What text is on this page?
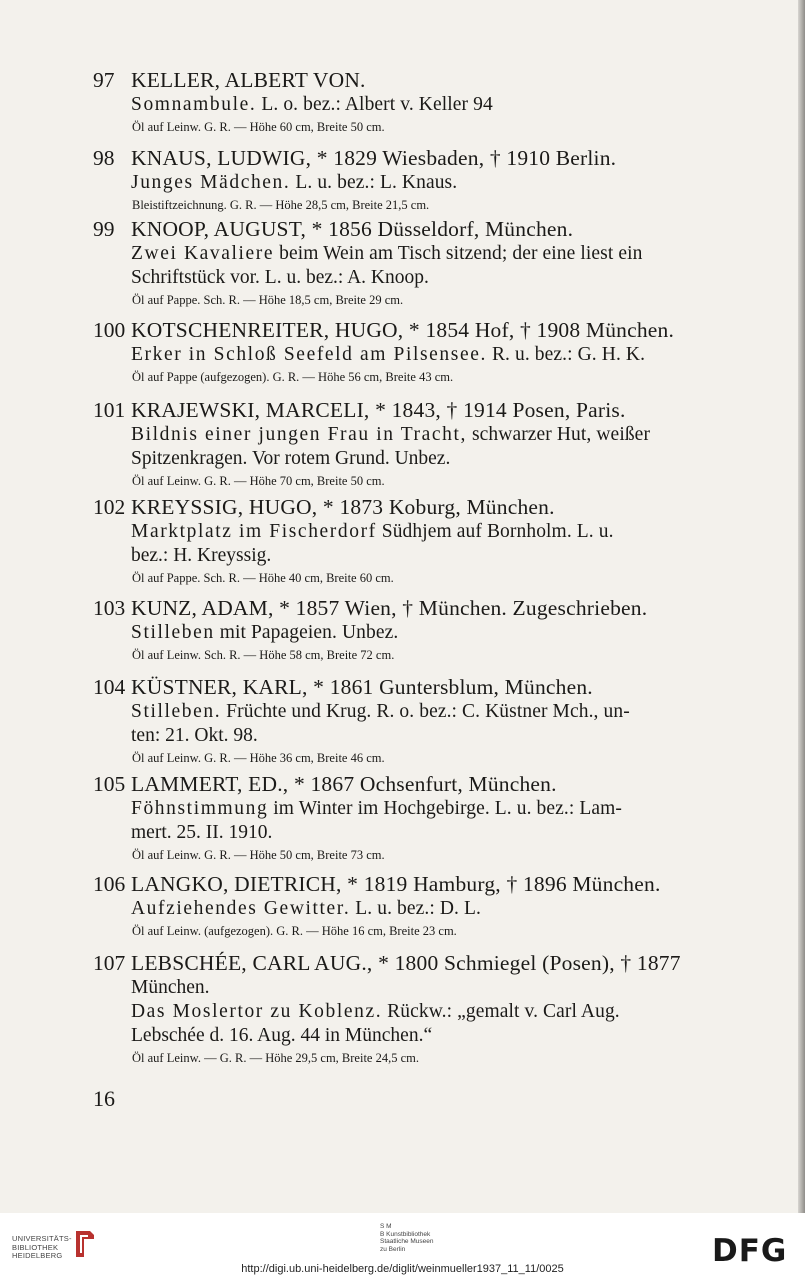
97 KELLER, ALBERT VON.
Somnambule. L. o. bez.: Albert v. Keller 94
Öl auf Leinw. G. R. — Höhe 60 cm, Breite 50 cm.
98 KNAUS, LUDWIG, * 1829 Wiesbaden, † 1910 Berlin.
Junges Mädchen. L. u. bez.: L. Knaus.
Bleistiftzeichnung. G. R. — Höhe 28,5 cm, Breite 21,5 cm.
99 KNOOP, AUGUST, * 1856 Düsseldorf, München.
Zwei Kavaliere beim Wein am Tisch sitzend; der eine liest ein
Schriftstück vor. L. u. bez.: A. Knoop.
Öl auf Pappe. Sch. R. — Höhe 18,5 cm, Breite 29 cm.
100 KOTSCHENREITER, HUGO, * 1854 Hof, † 1908 München.
Erker in Schloß Seefeld am Pilsensee. R. u. bez.: G. H. K.
Öl auf Pappe (aufgezogen). G. R. — Höhe 56 cm, Breite 43 cm.
101 KRAJEWSKI, MARCELI, * 1843, † 1914 Posen, Paris.
Bildnis einer jungen Frau in Tracht, schwarzer Hut, weißer
Spitzenkragen. Vor rotem Grund. Unbez.
Öl auf Leinw. G. R. — Höhe 70 cm, Breite 50 cm.
102 KREYSSIG, HUGO, * 1873 Koburg, München.
Marktplatz im Fischerdorf Südhjem auf Bornholm. L. u.
bez.: H. Kreyssig.
Öl auf Pappe. Sch. R. — Höhe 40 cm, Breite 60 cm.
103 KUNZ, ADAM, * 1857 Wien, † München. Zugeschrieben.
Stilleben mit Papageien. Unbez.
Öl auf Leinw. Sch. R. — Höhe 58 cm, Breite 72 cm.
104 KÜSTNER, KARL, * 1861 Guntersblum, München.
Stilleben. Früchte und Krug. R. o. bez.: C. Küstner Mch., un-
ten: 21. Okt. 98.
Öl auf Leinw. G. R. — Höhe 36 cm, Breite 46 cm.
105 LAMMERT, ED., * 1867 Ochsenfurt, München.
Föhnstimmung im Winter im Hochgebirge. L. u. bez.: Lam-
mert. 25. II. 1910.
Öl auf Leinw. G. R. — Höhe 50 cm, Breite 73 cm.
106 LANGKO, DIETRICH, * 1819 Hamburg, † 1896 München.
Aufziehendes Gewitter. L. u. bez.: D. L.
Öl auf Leinw. (aufgezogen). G. R. — Höhe 16 cm, Breite 23 cm.
107 LEBSCHÉE, CARL AUG., * 1800 Schmiegel (Posen), † 1877
München.
Das Moslertor zu Koblenz. Rückw.: „gemalt v. Carl Aug.
Lebschée d. 16. Aug. 44 in München.“
Öl auf Leinw. — G. R. — Höhe 29,5 cm, Breite 24,5 cm.
16
UNIVERSITÄTS-
BIBLIOTHEK
HEIDELBERG
S M
B Kunstbibliothek
Staatliche Museen
zu Berlin	DFG
http://digi.ub.uni-heidelberg.de/diglit/weinmueller1937_11_11/0025
